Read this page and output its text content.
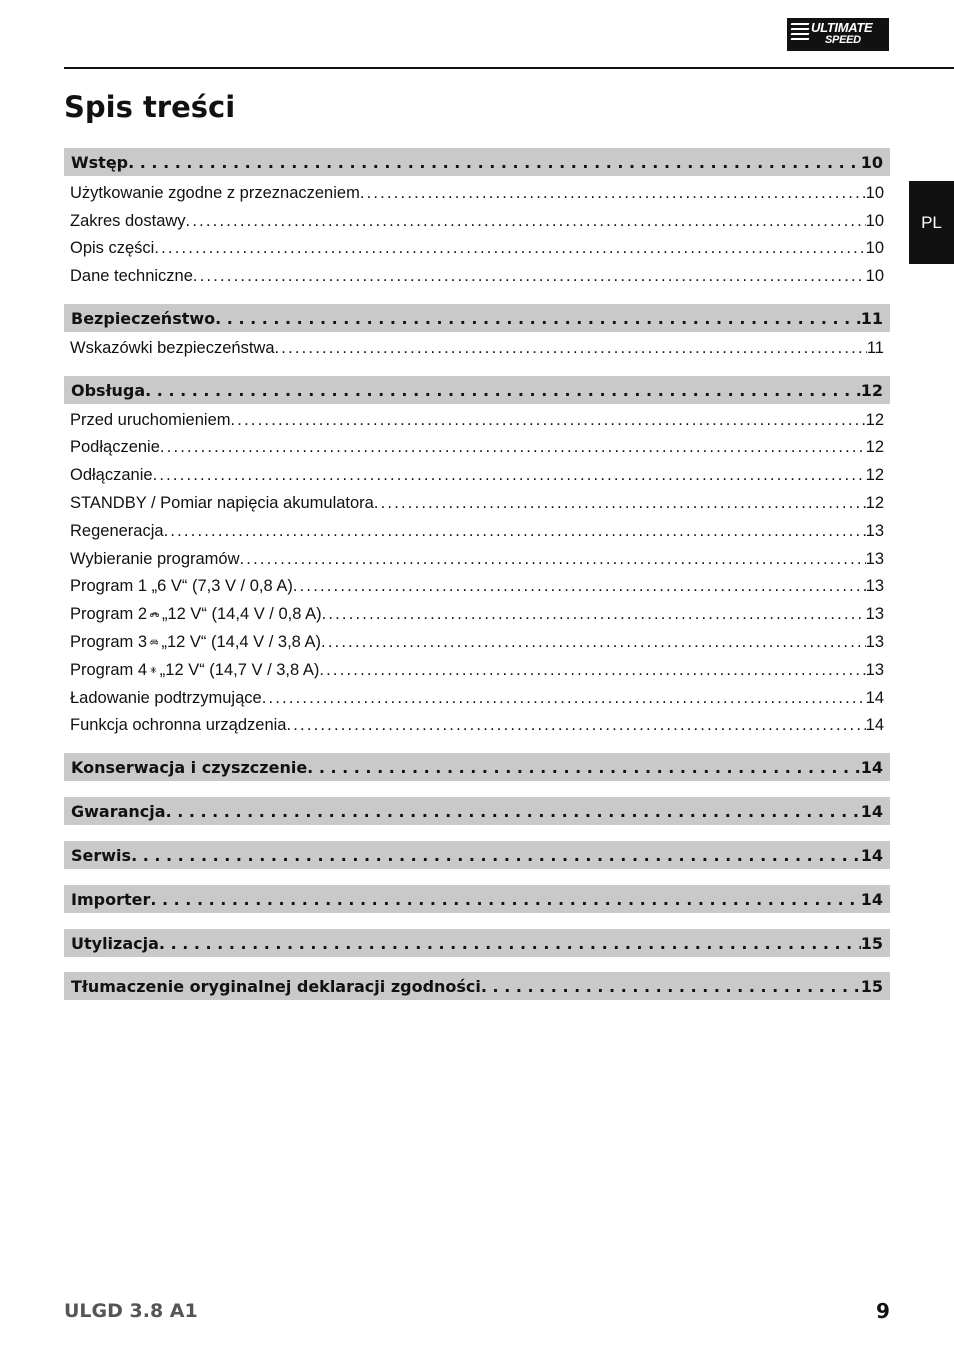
ULTIMATE
SPEED
Spis treści
PL
Wstęp . . .	10
Użytkowanie zgodne z przeznaczeniem .....	10
Zakres dostawy .....	10
Opis części .....	10
Dane techniczne .....	10
Bezpieczeństwo . . .	11
Wskazówki bezpieczeństwa .....	11
Obsługa . . .	12
Przed uruchomieniem .....	12
Podłączenie .....	12
Odłączanie .....	12
STANDBY / Pomiar napięcia akumulatora .....	12
Regeneracja .....	13
Wybieranie programów .....	13
Program 1 „6 V“ (7,3 V / 0,8 A) .....	13
Program 2 „12 V“ (14,4 V / 0,8 A) .....	13
Program 3 „12 V“ (14,4 V / 3,8 A) .....	13
Program 4 „12 V“ (14,7 V / 3,8 A) .....	13
Ładowanie podtrzymujące .....	14
Funkcja ochronna urządzenia .....	14
Konserwacja i czyszczenie . . .	14
Gwarancja . . .	14
Serwis . . .	14
Importer . . .	14
Utylizacja . . .	15
Tłumaczenie oryginalnej deklaracji zgodności . . .	15
ULGD 3.8 A1	9
